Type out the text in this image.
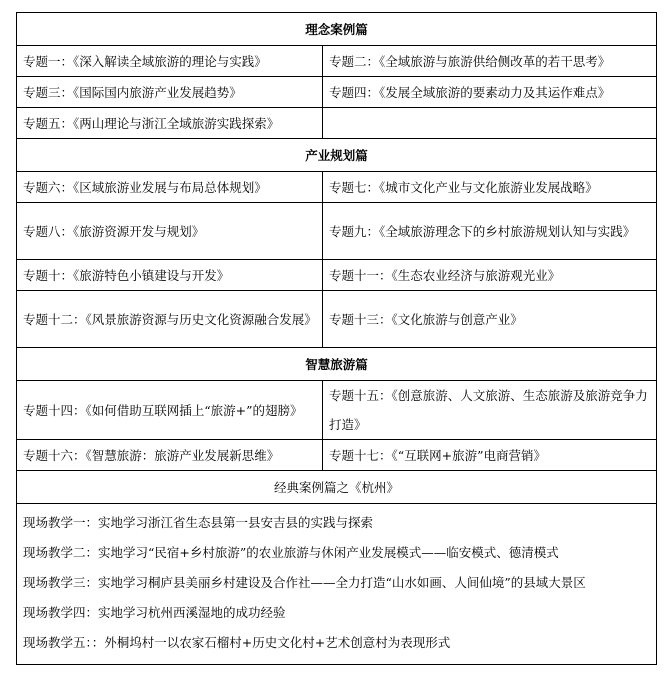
理念案例篇	
专题一：《深入解读全域旅游的理论与实践》	专题二：《全域旅游与旅游供给侧改革的若干思考》
专题三：《国际国内旅游产业发展趋势》	专题四：《发展全域旅游的要素动力及其运作难点》
专题五：《两山理论与浙江全域旅游实践探索》	
产业规划篇	
专题六：《区域旅游业发展与布局总体规划》	专题七：《城市文化产业与文化旅游业发展战略》
专题八：《旅游资源开发与规划》	专题九：《全域旅游理念下的乡村旅游规划认知与实践》
专题十：《旅游特色小镇建设与开发》	专题十一：《生态农业经济与旅游观光业》
专题十二：《风景旅游资源与历史文化资源融合发展》	专题十三：《文化旅游与创意产业》
智慧旅游篇	
专题十四：《如何借助互联网插上“旅游+”的翅膀》	专题十五：《创意旅游、人文旅游、生态旅游及旅游竞争力打造》
专题十六：《智慧旅游：旅游产业发展新思维》	专题十七：《“互联网+旅游”电商营销》
经典案例篇之《杭州》	

现场教学一：实地学习浙江省生态县第一县安吉县的实践与探索
现场教学二：实地学习“民宿+乡村旅游”的农业旅游与休闲产业发展模式——临安模式、德清模式
现场教学三：实地学习桐庐县美丽乡村建设及合作社——全力打造“山水如画、人间仙境”的县域大景区
现场教学四：实地学习杭州西溪湿地的成功经验
现场教学五：：外桐坞村一以农家石榴村+历史文化村+艺术创意村为表现形式	
